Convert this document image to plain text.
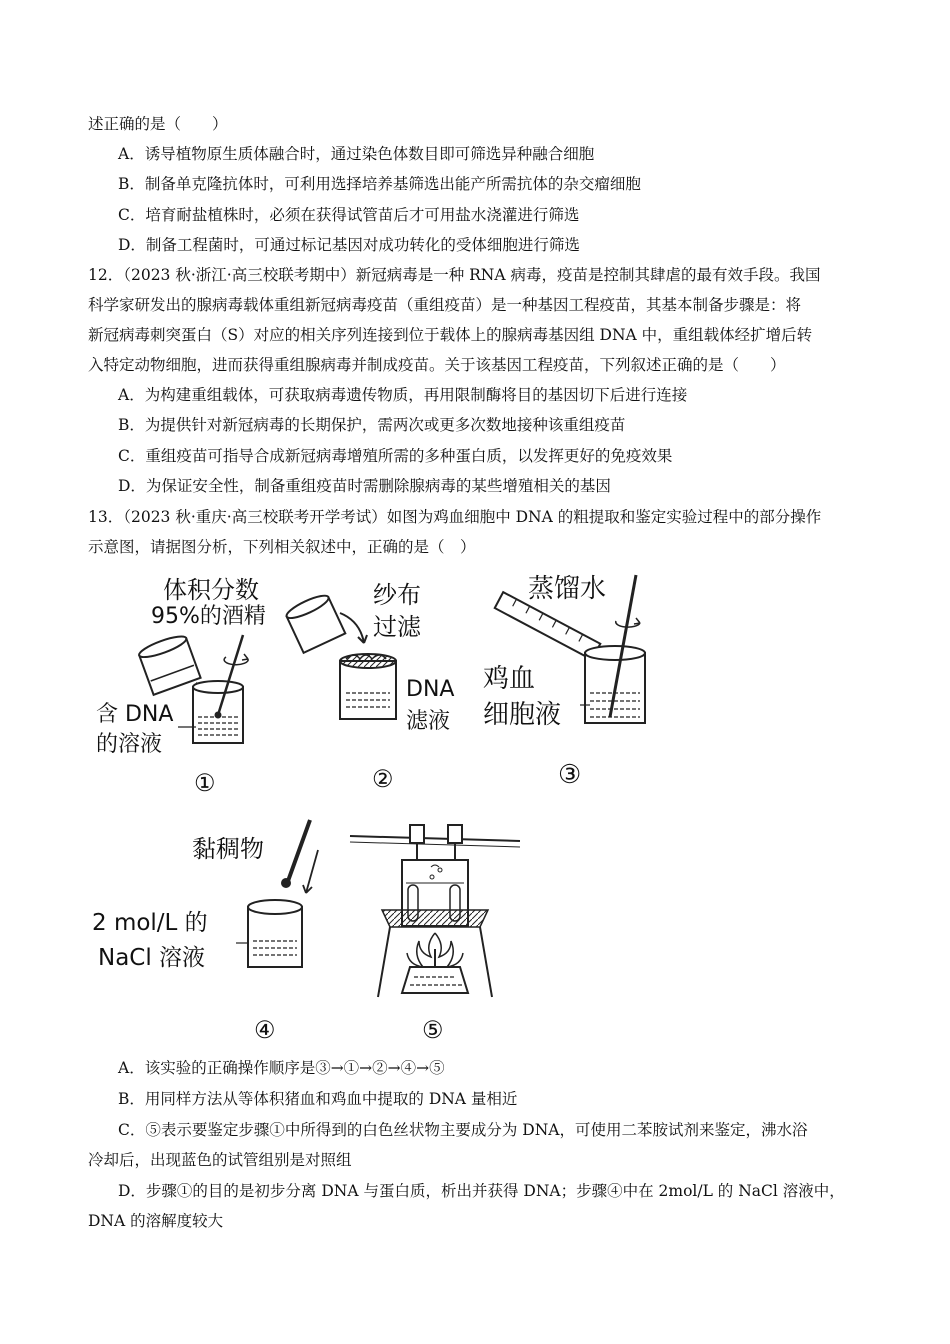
述正确的是（　　）
A．诱导植物原生质体融合时，通过染色体数目即可筛选异种融合细胞
B．制备单克隆抗体时，可利用选择培养基筛选出能产所需抗体的杂交瘤细胞
C．培育耐盐植株时，必须在获得试管苗后才可用盐水浇灌进行筛选
D．制备工程菌时，可通过标记基因对成功转化的受体细胞进行筛选
12．（2023 秋·浙江·高三校联考期中）新冠病毒是一种 RNA 病毒，疫苗是控制其肆虐的最有效手段。我国
科学家研发出的腺病毒载体重组新冠病毒疫苗（重组疫苗）是一种基因工程疫苗，其基本制备步骤是：将
新冠病毒刺突蛋白（S）对应的相关序列连接到位于载体上的腺病毒基因组 DNA 中，重组载体经扩增后转
入特定动物细胞，进而获得重组腺病毒并制成疫苗。关于该基因工程疫苗，下列叙述正确的是（　　）
A．为构建重组载体，可获取病毒遗传物质，再用限制酶将目的基因切下后进行连接
B．为提供针对新冠病毒的长期保护，需两次或更多次数地接种该重组疫苗
C．重组疫苗可指导合成新冠病毒增殖所需的多种蛋白质，以发挥更好的免疫效果
D．为保证安全性，制备重组疫苗时需删除腺病毒的某些增殖相关的基因
13．（2023 秋·重庆·高三校联考开学考试）如图为鸡血细胞中 DNA 的粗提取和鉴定实验过程中的部分操作
示意图，请据图分析，下列相关叙述中，正确的是（　）
体积分数
95%的酒精
含 DNA
的溶液
①
纱布
过滤
DNA
滤液
②
蒸馏水
鸡血
细胞液
③
黏稠物
2 mol/L 的
NaCl 溶液
④	⑤
A．该实验的正确操作顺序是③→①→②→④→⑤
B．用同样方法从等体积猪血和鸡血中提取的 DNA 量相近
C．⑤表示要鉴定步骤①中所得到的白色丝状物主要成分为 DNA，可使用二苯胺试剂来鉴定，沸水浴
冷却后，出现蓝色的试管组别是对照组
D．步骤①的目的是初步分离 DNA 与蛋白质，析出并获得 DNA；步骤④中在 2mol/L 的 NaCl 溶液中，
DNA 的溶解度较大
